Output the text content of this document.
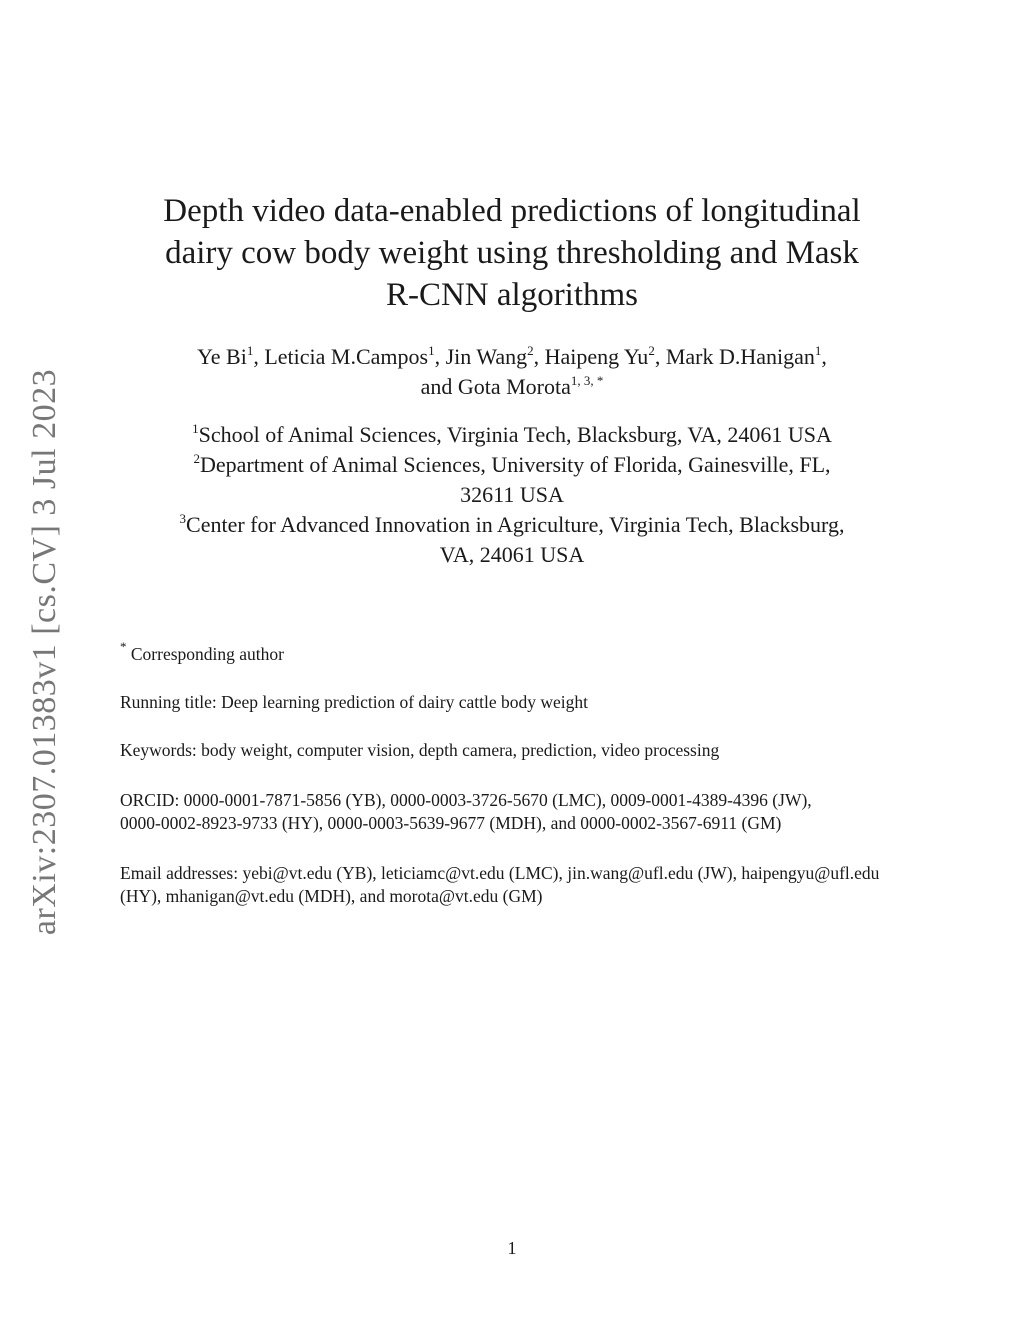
arXiv:2307.01383v1 [cs.CV] 3 Jul 2023
Depth video data-enabled predictions of longitudinal
dairy cow body weight using thresholding and Mask
R-CNN algorithms
Ye Bi$^1$, Leticia M.Campos$^1$, Jin Wang$^2$, Haipeng Yu$^2$, Mark D.Hanigan$^1$,
and Gota Morota$^{1, 3, *}$
$^1$School of Animal Sciences, Virginia Tech, Blacksburg, VA, 24061 USA
$^2$Department of Animal Sciences, University of Florida, Gainesville, FL,
32611 USA
$^3$Center for Advanced Innovation in Agriculture, Virginia Tech, Blacksburg,
VA, 24061 USA
* Corresponding author
Running title: Deep learning prediction of dairy cattle body weight
Keywords: body weight, computer vision, depth camera, prediction, video processing
ORCID: 0000-0001-7871-5856 (YB), 0000-0003-3726-5670 (LMC), 0009-0001-4389-4396 (JW),
0000-0002-8923-9733 (HY), 0000-0003-5639-9677 (MDH), and 0000-0002-3567-6911 (GM)
Email addresses: yebi@vt.edu (YB), leticiamc@vt.edu (LMC), jin.wang@ufl.edu (JW), haipengyu@ufl.edu
(HY), mhanigan@vt.edu (MDH), and morota@vt.edu (GM)
1
